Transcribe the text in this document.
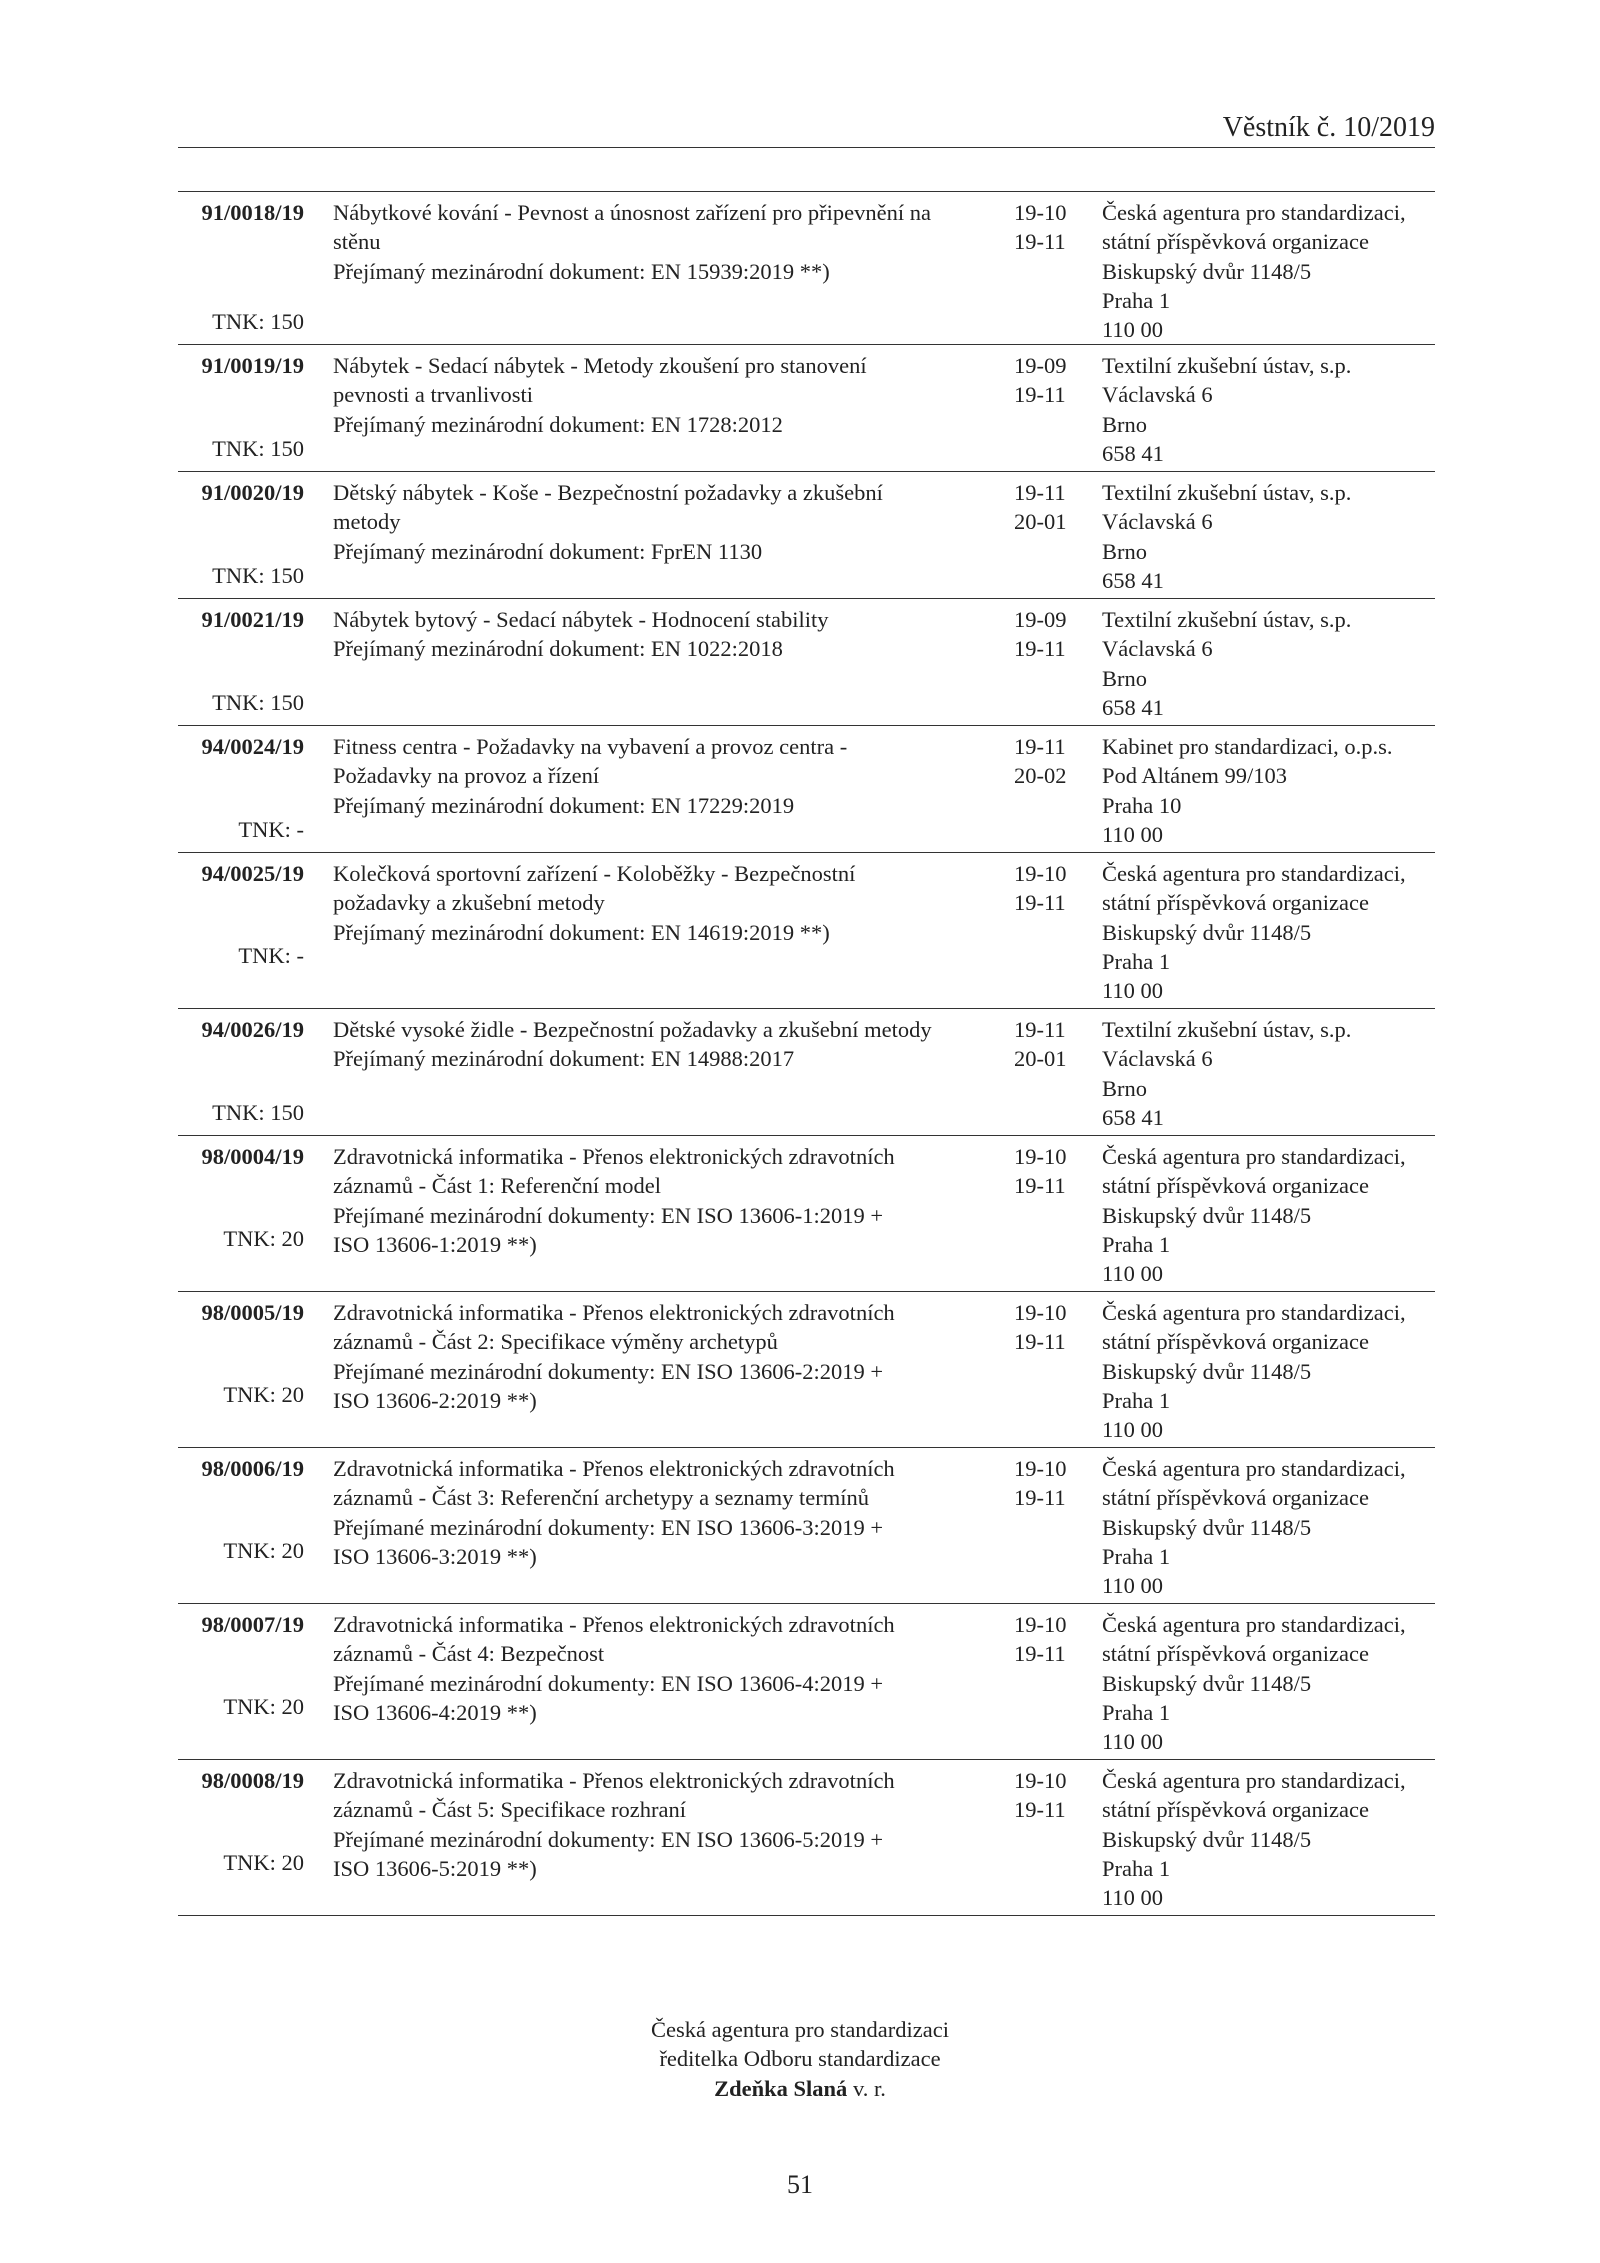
Věstník č. 10/2019
91/0018/19
TNK: 150
Nábytkové kování - Pevnost a únosnost zařízení pro připevnění na
stěnu
Přejímaný mezinárodní dokument: EN 15939:2019 **)
19-10
19-11
Česká agentura pro standardizaci,
státní příspěvková organizace
Biskupský dvůr 1148/5
Praha 1
110 00
91/0019/19
TNK: 150
Nábytek - Sedací nábytek - Metody zkoušení pro stanovení
pevnosti a trvanlivosti
Přejímaný mezinárodní dokument: EN 1728:2012
19-09
19-11
Textilní zkušební ústav, s.p.
Václavská 6
Brno
658 41
91/0020/19
TNK: 150
Dětský nábytek - Koše - Bezpečnostní požadavky a zkušební
metody
Přejímaný mezinárodní dokument: FprEN 1130
19-11
20-01
Textilní zkušební ústav, s.p.
Václavská 6
Brno
658 41
91/0021/19
TNK: 150
Nábytek bytový - Sedací nábytek - Hodnocení stability
Přejímaný mezinárodní dokument: EN 1022:2018
19-09
19-11
Textilní zkušební ústav, s.p.
Václavská 6
Brno
658 41
94/0024/19
TNK: -
Fitness centra - Požadavky na vybavení a provoz centra -
Požadavky na provoz a řízení
Přejímaný mezinárodní dokument: EN 17229:2019
19-11
20-02
Kabinet pro standardizaci, o.p.s.
Pod Altánem 99/103
Praha 10
110 00
94/0025/19
TNK: -
Kolečková sportovní zařízení - Koloběžky - Bezpečnostní
požadavky a zkušební metody
Přejímaný mezinárodní dokument: EN 14619:2019 **)
19-10
19-11
Česká agentura pro standardizaci,
státní příspěvková organizace
Biskupský dvůr 1148/5
Praha 1
110 00
94/0026/19
TNK: 150
Dětské vysoké židle - Bezpečnostní požadavky a zkušební metody
Přejímaný mezinárodní dokument: EN 14988:2017
19-11
20-01
Textilní zkušební ústav, s.p.
Václavská 6
Brno
658 41
98/0004/19
TNK: 20
Zdravotnická informatika - Přenos elektronických zdravotních
záznamů - Část 1: Referenční model
Přejímané mezinárodní dokumenty: EN ISO 13606-1:2019 +
ISO 13606-1:2019 **)
19-10
19-11
Česká agentura pro standardizaci,
státní příspěvková organizace
Biskupský dvůr 1148/5
Praha 1
110 00
98/0005/19
TNK: 20
Zdravotnická informatika - Přenos elektronických zdravotních
záznamů - Část 2: Specifikace výměny archetypů
Přejímané mezinárodní dokumenty: EN ISO 13606-2:2019 +
ISO 13606-2:2019 **)
19-10
19-11
Česká agentura pro standardizaci,
státní příspěvková organizace
Biskupský dvůr 1148/5
Praha 1
110 00
98/0006/19
TNK: 20
Zdravotnická informatika - Přenos elektronických zdravotních
záznamů - Část 3: Referenční archetypy a seznamy termínů
Přejímané mezinárodní dokumenty: EN ISO 13606-3:2019 +
ISO 13606-3:2019 **)
19-10
19-11
Česká agentura pro standardizaci,
státní příspěvková organizace
Biskupský dvůr 1148/5
Praha 1
110 00
98/0007/19
TNK: 20
Zdravotnická informatika - Přenos elektronických zdravotních
záznamů - Část 4: Bezpečnost
Přejímané mezinárodní dokumenty: EN ISO 13606-4:2019 +
ISO 13606-4:2019 **)
19-10
19-11
Česká agentura pro standardizaci,
státní příspěvková organizace
Biskupský dvůr 1148/5
Praha 1
110 00
98/0008/19
TNK: 20
Zdravotnická informatika - Přenos elektronických zdravotních
záznamů - Část 5: Specifikace rozhraní
Přejímané mezinárodní dokumenty: EN ISO 13606-5:2019 +
ISO 13606-5:2019 **)
19-10
19-11
Česká agentura pro standardizaci,
státní příspěvková organizace
Biskupský dvůr 1148/5
Praha 1
110 00
Česká agentura pro standardizaci
ředitelka Odboru standardizace
Zdeňka Slaná v. r.
51
